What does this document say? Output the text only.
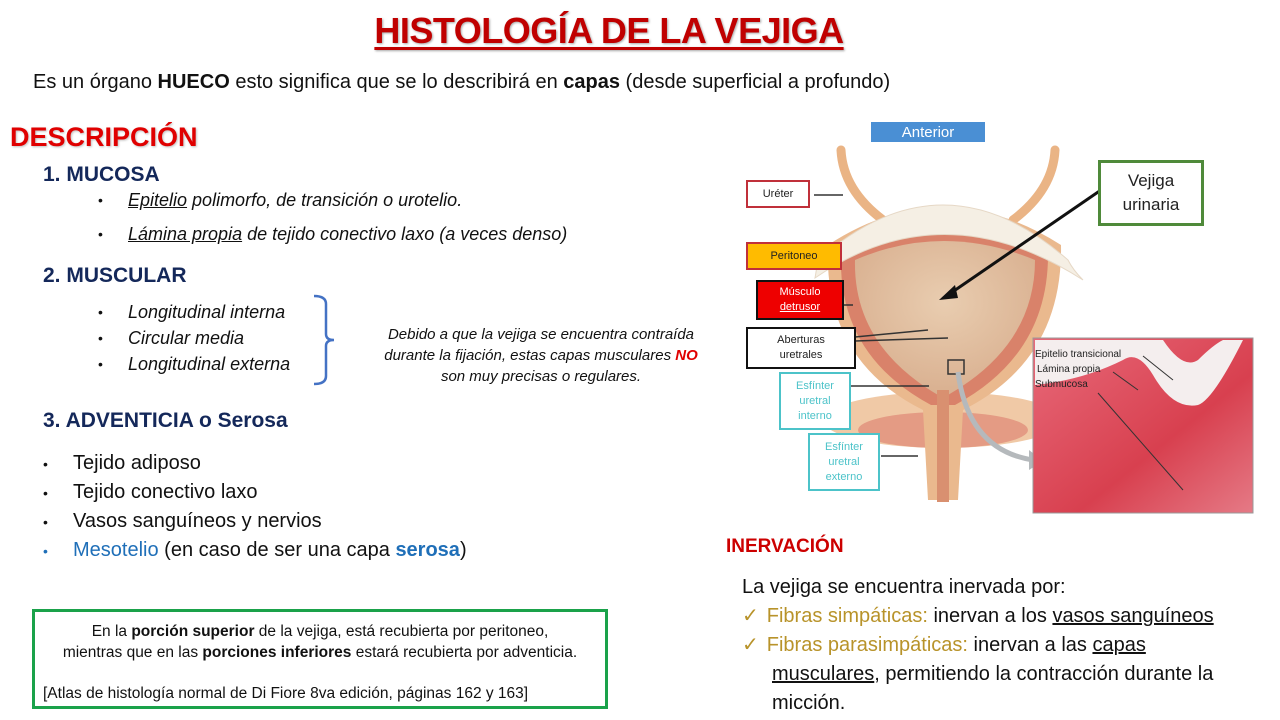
HISTOLOGÍA DE LA VEJIGA
Es un órgano HUECO esto significa que se lo describirá en capas (desde superficial a profundo)
DESCRIPCIÓN
1. MUCOSA
• Epitelio polimorfo, de transición o urotelio.
• Lámina propia de tejido conectivo laxo (a veces denso)
2. MUSCULAR
• Longitudinal interna
• Circular media
• Longitudinal externa
Debido a que la vejiga se encuentra contraída
durante la fijación, estas capas musculares NO
son muy precisas o regulares.
3. ADVENTICIA o Serosa
• Tejido adiposo
• Tejido conectivo laxo
• Vasos sanguíneos y nervios
• Mesotelio (en caso de ser una capa serosa)
En la porción superior de la vejiga, está recubierta por peritoneo,
mientras que en las porciones inferiores estará recubierta por adventicia.
[Atlas de histología normal de Di Fiore 8va edición, páginas 162 y 163]
Anterior
Uréter
Peritoneo
Músculo
detrusor
Aberturas
uretrales
Esfínter
uretral
interno
Esfínter
uretral
externo
Vejiga
urinaria
Epitelio transicional
Lámina propia
Submucosa
INERVACIÓN
La vejiga se encuentra inervada por:
✓ Fibras simpáticas: inervan a los vasos sanguíneos
✓ Fibras parasimpáticas: inervan a las capas
musculares, permitiendo la contracción durante la
micción.
